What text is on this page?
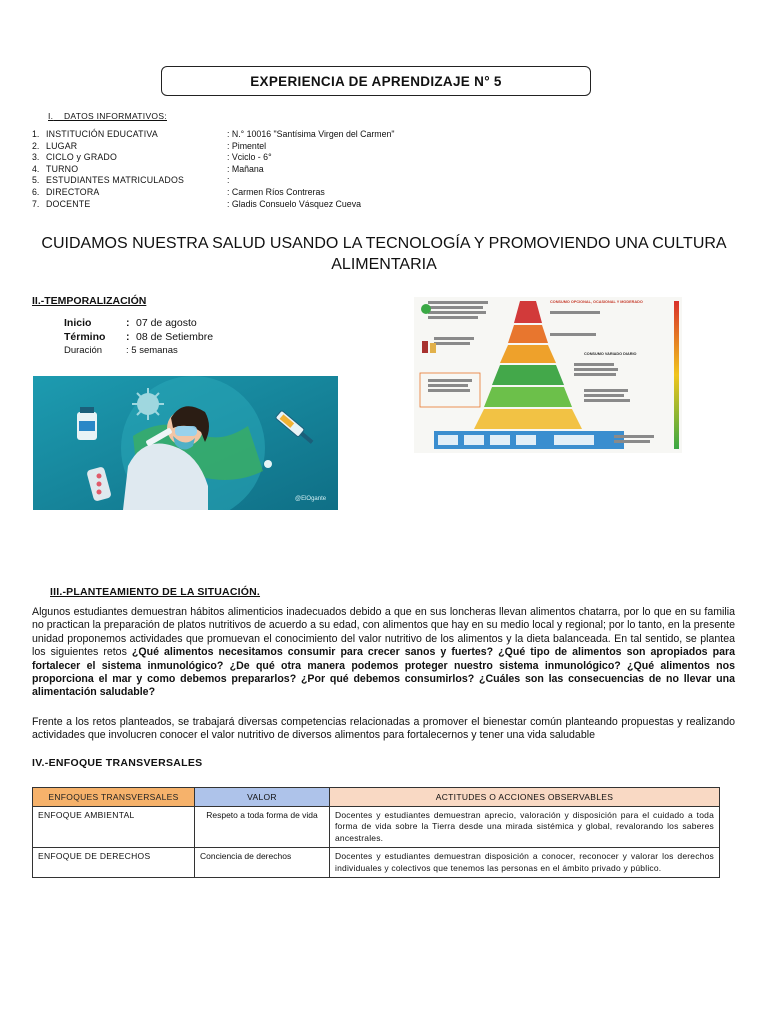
EXPERIENCIA DE APRENDIZAJE N° 5
I. DATOS INFORMATIVOS:
1. INSTITUCIÓN EDUCATIVA	: N.° 10016 "Santísima Virgen del Carmen"
2. LUGAR	: Pimentel
3. CICLO y GRADO	: Vciclo - 6°
4. TURNO	: Mañana
5. ESTUDIANTES MATRICULADOS	:
6. DIRECTORA	: Carmen Ríos Contreras
7. DOCENTE	: Gladis Consuelo Vásquez Cueva
CUIDAMOS NUESTRA SALUD USANDO LA TECNOLOGÍA Y PROMOVIENDO UNA CULTURA ALIMENTARIA
II.-TEMPORALIZACIÓN
Inicio	: 07 de agosto
Término	: 08 de Setiembre
Duración	: 5 semanas
@ElOgante
CONSUMO OPCIONAL, OCASIONAL Y MODERADO
CONSUMO VARIADO DIARIO
III.-PLANTEAMIENTO DE LA SITUACIÓN.
Algunos estudiantes demuestran hábitos alimenticios inadecuados debido a que en sus loncheras llevan alimentos chatarra, por lo que en su familia no practican la preparación de platos nutritivos de acuerdo a su edad, con alimentos que hay en su medio local y regional; por lo tanto, en la presente unidad proponemos actividades que promuevan el conocimiento del valor nutritivo de los alimentos y la dieta balanceada. En tal sentido, se plantea los siguientes retos ¿Qué alimentos necesitamos consumir para crecer sanos y fuertes? ¿Qué tipo de alimentos son apropiados para fortalecer el sistema inmunológico? ¿De qué otra manera podemos proteger nuestro sistema inmunológico? ¿Qué alimentos nos proporciona el mar y como debemos prepararlos? ¿Por qué debemos consumirlos? ¿Cuáles son las consecuencias de no llevar una alimentación saludable?
Frente a los retos planteados, se trabajará diversas competencias relacionadas a promover el bienestar común planteando propuestas y realizando actividades que involucren conocer el valor nutritivo de diversos alimentos para fortalecernos y tener una vida saludable
IV.-ENFOQUE TRANSVERSALES
ENFOQUES TRANSVERSALES	VALOR	ACTITUDES O ACCIONES OBSERVABLES
ENFOQUE AMBIENTAL	Respeto a toda forma de vida	Docentes y estudiantes demuestran aprecio, valoración y disposición para el cuidado a toda forma de vida sobre la Tierra desde una mirada sistémica y global, revalorando los saberes ancestrales.
ENFOQUE DE DERECHOS	Conciencia de derechos	Docentes y estudiantes demuestran disposición a conocer, reconocer y valorar los derechos individuales y colectivos que tenemos las personas en el ámbito privado y público.
